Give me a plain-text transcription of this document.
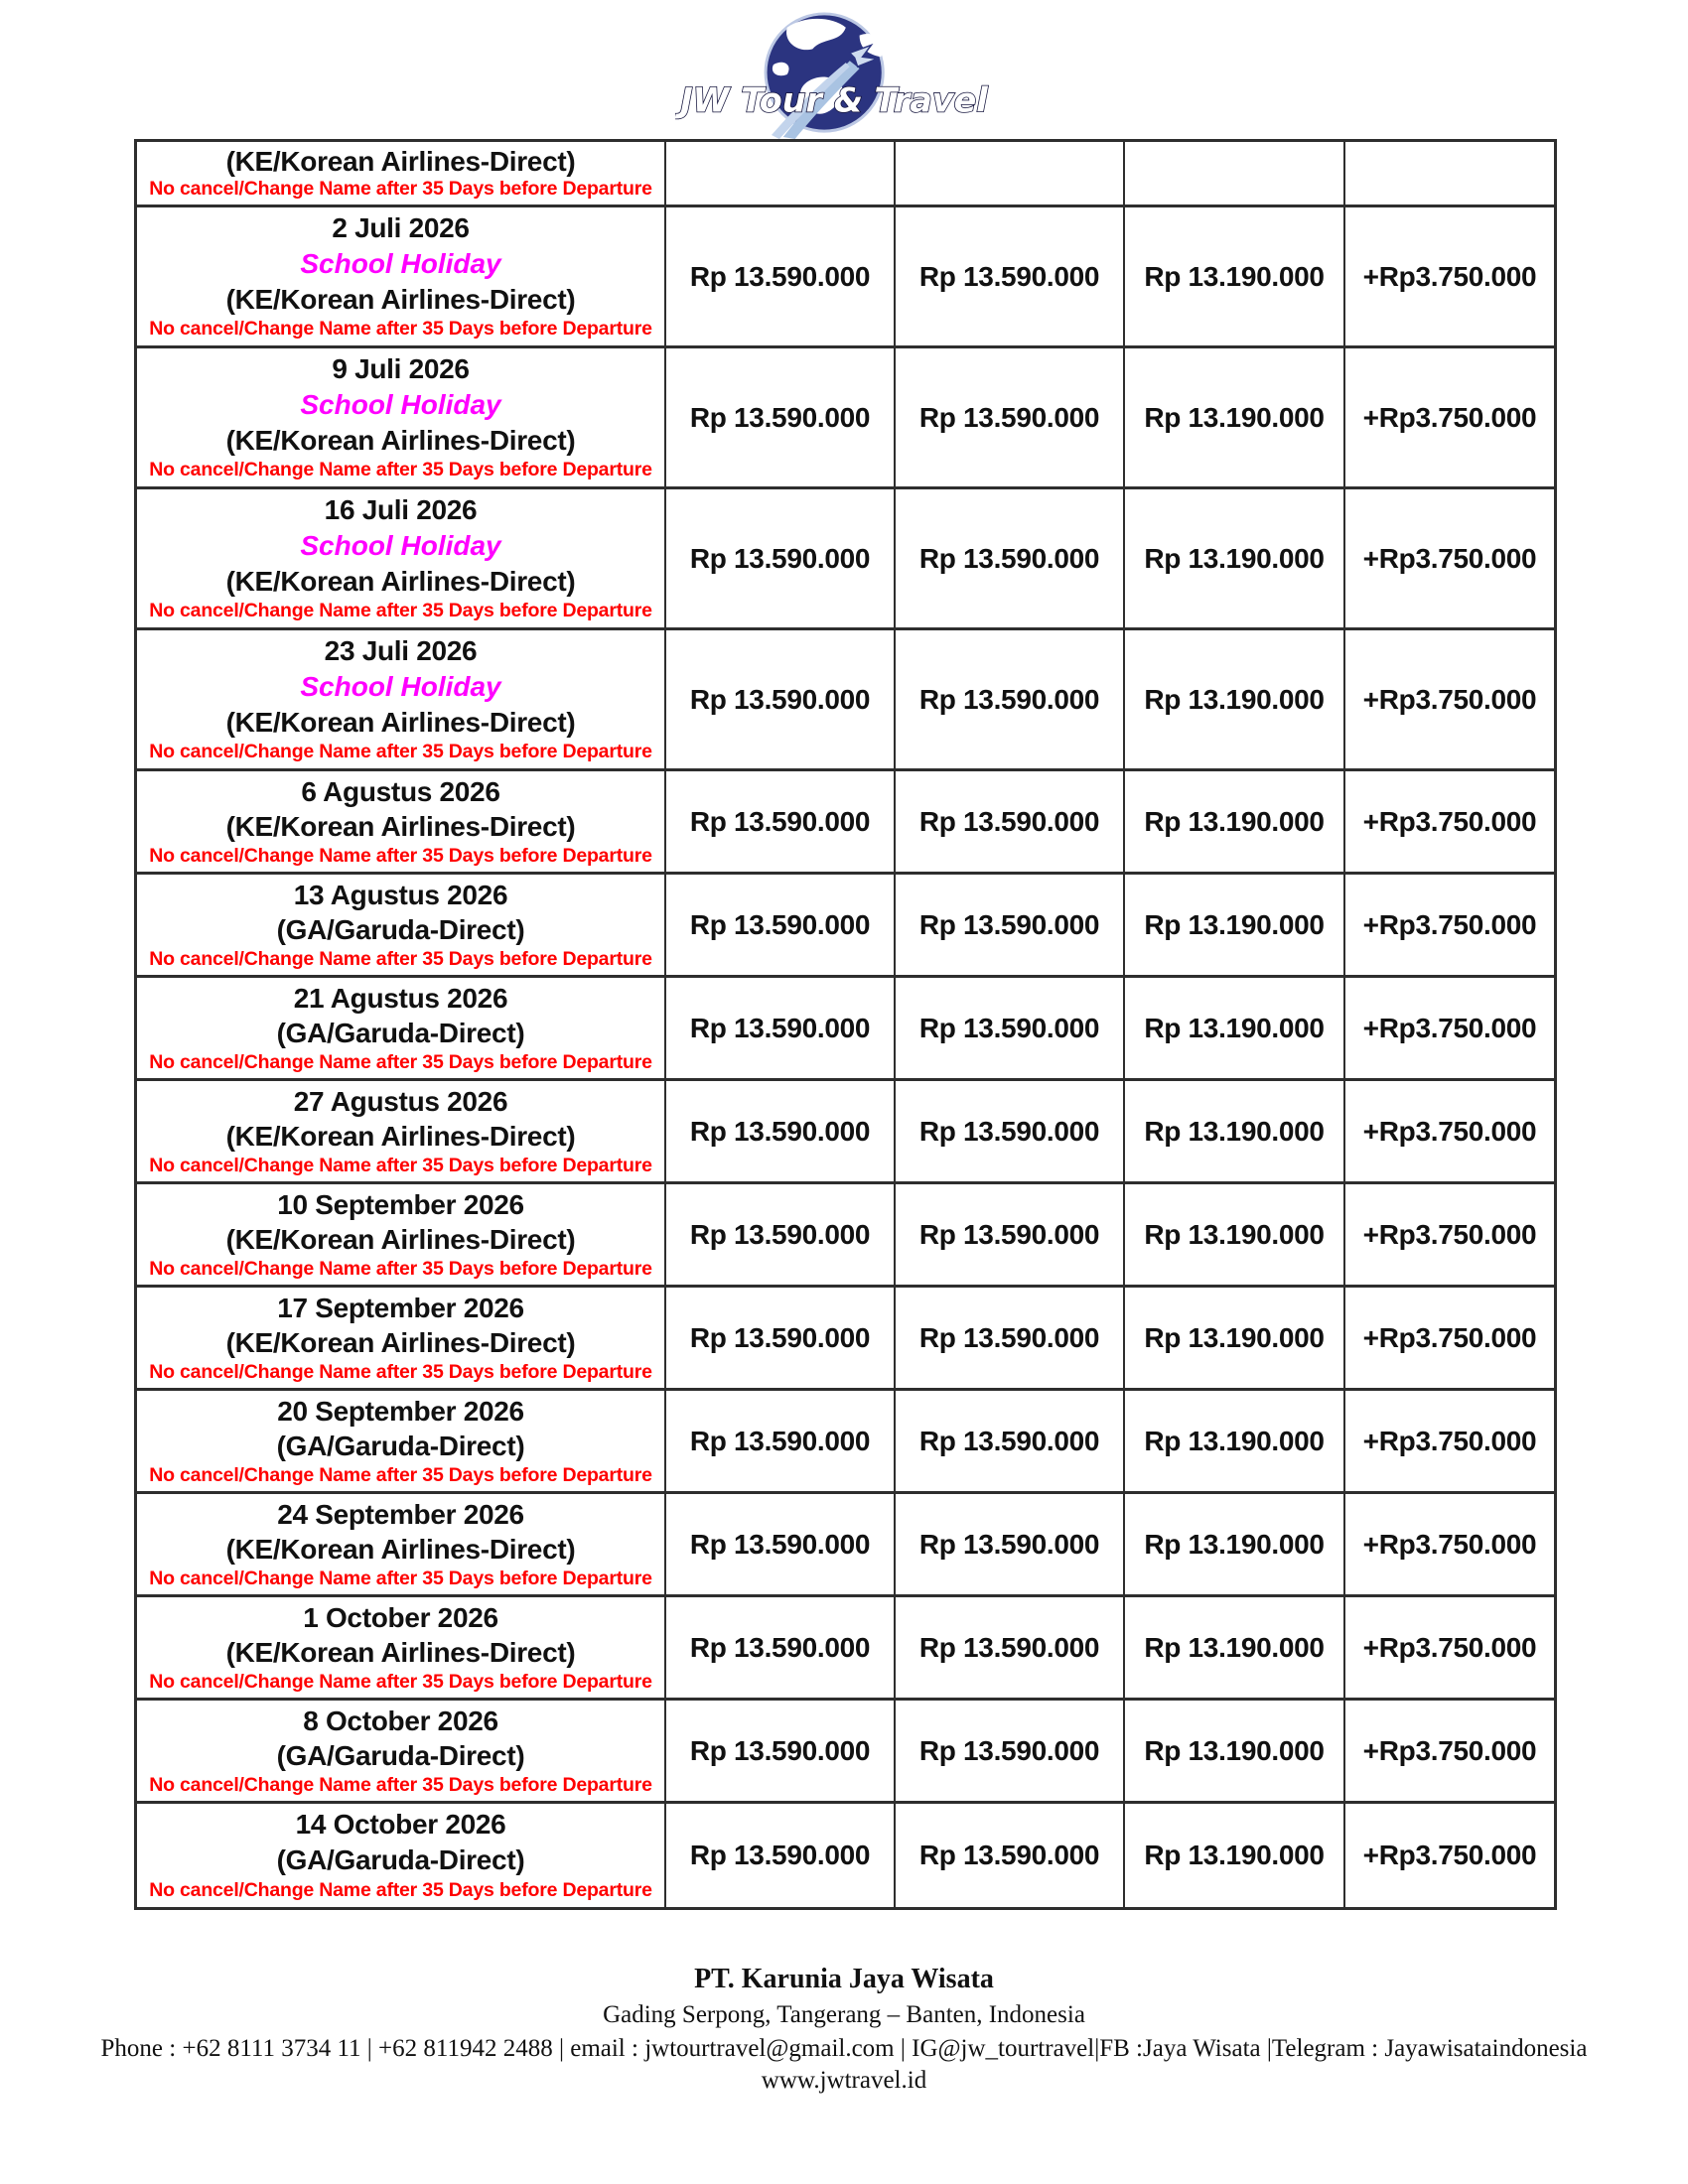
JW Tour & Travel
(KE/Korean Airlines-Direct)
No cancel/Change Name after 35 Days before Departure
2 Juli 2026
School Holiday
(KE/Korean Airlines-Direct)
No cancel/Change Name after 35 Days before Departure
Rp 13.590.000	Rp 13.590.000	Rp 13.190.000	+Rp3.750.000
9 Juli 2026
School Holiday
(KE/Korean Airlines-Direct)
No cancel/Change Name after 35 Days before Departure
Rp 13.590.000	Rp 13.590.000	Rp 13.190.000	+Rp3.750.000
16 Juli 2026
School Holiday
(KE/Korean Airlines-Direct)
No cancel/Change Name after 35 Days before Departure
Rp 13.590.000	Rp 13.590.000	Rp 13.190.000	+Rp3.750.000
23 Juli 2026
School Holiday
(KE/Korean Airlines-Direct)
No cancel/Change Name after 35 Days before Departure
Rp 13.590.000	Rp 13.590.000	Rp 13.190.000	+Rp3.750.000
6 Agustus 2026
(KE/Korean Airlines-Direct)
No cancel/Change Name after 35 Days before Departure
Rp 13.590.000	Rp 13.590.000	Rp 13.190.000	+Rp3.750.000
13 Agustus 2026
(GA/Garuda-Direct)
No cancel/Change Name after 35 Days before Departure
Rp 13.590.000	Rp 13.590.000	Rp 13.190.000	+Rp3.750.000
21 Agustus 2026
(GA/Garuda-Direct)
No cancel/Change Name after 35 Days before Departure
Rp 13.590.000	Rp 13.590.000	Rp 13.190.000	+Rp3.750.000
27 Agustus 2026
(KE/Korean Airlines-Direct)
No cancel/Change Name after 35 Days before Departure
Rp 13.590.000	Rp 13.590.000	Rp 13.190.000	+Rp3.750.000
10 September 2026
(KE/Korean Airlines-Direct)
No cancel/Change Name after 35 Days before Departure
Rp 13.590.000	Rp 13.590.000	Rp 13.190.000	+Rp3.750.000
17 September 2026
(KE/Korean Airlines-Direct)
No cancel/Change Name after 35 Days before Departure
Rp 13.590.000	Rp 13.590.000	Rp 13.190.000	+Rp3.750.000
20 September 2026
(GA/Garuda-Direct)
No cancel/Change Name after 35 Days before Departure
Rp 13.590.000	Rp 13.590.000	Rp 13.190.000	+Rp3.750.000
24 September 2026
(KE/Korean Airlines-Direct)
No cancel/Change Name after 35 Days before Departure
Rp 13.590.000	Rp 13.590.000	Rp 13.190.000	+Rp3.750.000
1 October 2026
(KE/Korean Airlines-Direct)
No cancel/Change Name after 35 Days before Departure
Rp 13.590.000	Rp 13.590.000	Rp 13.190.000	+Rp3.750.000
8 October 2026
(GA/Garuda-Direct)
No cancel/Change Name after 35 Days before Departure
Rp 13.590.000	Rp 13.590.000	Rp 13.190.000	+Rp3.750.000
14 October 2026
(GA/Garuda-Direct)
No cancel/Change Name after 35 Days before Departure
Rp 13.590.000	Rp 13.590.000	Rp 13.190.000	+Rp3.750.000
PT. Karunia Jaya Wisata
Gading Serpong, Tangerang – Banten, Indonesia
Phone : +62 8111 3734 11 | +62 811942 2488 | email : jwtourtravel@gmail.com | IG@jw_tourtravel|FB :Jaya Wisata |Telegram : Jayawisataindonesia
www.jwtravel.id
